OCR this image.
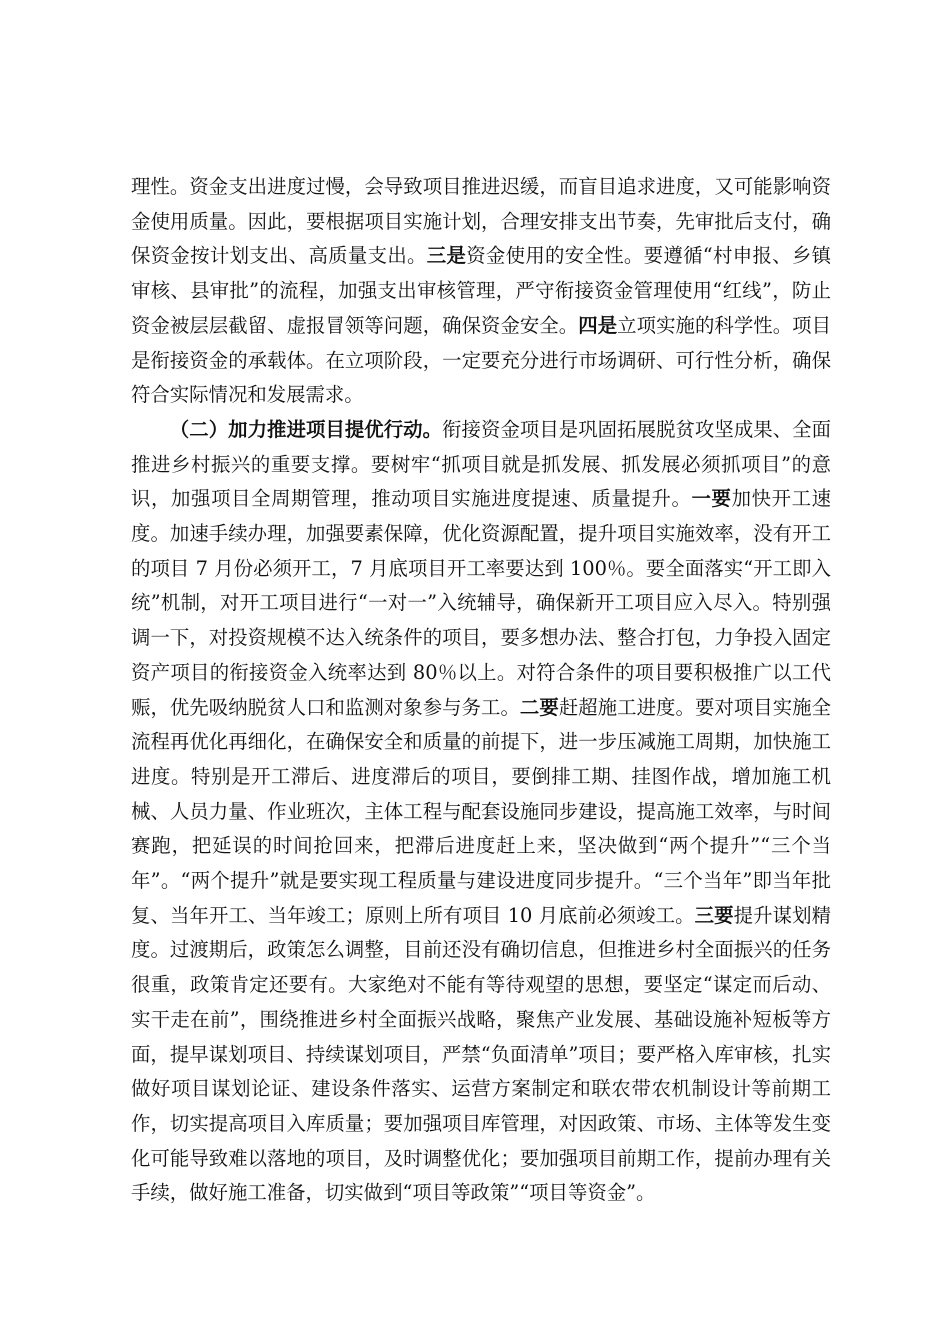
理性。资金支出进度过慢，会导致项目推进迟缓，而盲目追求进度，又可能影响资金使用质量。因此，要根据项目实施计划，合理安排支出节奏，先审批后支付，确保资金按计划支出、高质量支出。三是资金使用的安全性。要遵循“村申报、乡镇审核、县审批”的流程，加强支出审核管理，严守衔接资金管理使用“红线”，防止资金被层层截留、虚报冒领等问题，确保资金安全。四是立项实施的科学性。项目是衔接资金的承载体。在立项阶段，一定要充分进行市场调研、可行性分析，确保符合实际情况和发展需求。

（二）加力推进项目提优行动。衔接资金项目是巩固拓展脱贫攻坚成果、全面推进乡村振兴的重要支撑。要树牢“抓项目就是抓发展、抓发展必须抓项目”的意识，加强项目全周期管理，推动项目实施进度提速、质量提升。一要加快开工速度。加速手续办理，加强要素保障，优化资源配置，提升项目实施效率，没有开工的项目 7 月份必须开工，7 月底项目开工率要达到 100％。要全面落实“开工即入统”机制，对开工项目进行“一对一”入统辅导，确保新开工项目应入尽入。特别强调一下，对投资规模不达入统条件的项目，要多想办法、整合打包，力争投入固定资产项目的衔接资金入统率达到 80％以上。对符合条件的项目要积极推广以工代赈，优先吸纳脱贫人口和监测对象参与务工。二要赶超施工进度。要对项目实施全流程再优化再细化，在确保安全和质量的前提下，进一步压减施工周期，加快施工进度。特别是开工滞后、进度滞后的项目，要倒排工期、挂图作战，增加施工机械、人员力量、作业班次，主体工程与配套设施同步建设，提高施工效率，与时间赛跑，把延误的时间抢回来，把滞后进度赶上来，坚决做到“两个提升”“三个当年”。“两个提升”就是要实现工程质量与建设进度同步提升。“三个当年”即当年批复、当年开工、当年竣工；原则上所有项目 10 月底前必须竣工。三要提升谋划精度。过渡期后，政策怎么调整，目前还没有确切信息，但推进乡村全面振兴的任务很重，政策肯定还要有。大家绝对不能有等待观望的思想，要坚定“谋定而后动、实干走在前”，围绕推进乡村全面振兴战略，聚焦产业发展、基础设施补短板等方面，提早谋划项目、持续谋划项目，严禁“负面清单”项目；要严格入库审核，扎实做好项目谋划论证、建设条件落实、运营方案制定和联农带农机制设计等前期工作，切实提高项目入库质量；要加强项目库管理，对因政策、市场、主体等发生变化可能导致难以落地的项目，及时调整优化；要加强项目前期工作，提前办理有关手续，做好施工准备，切实做到“项目等政策”“项目等资金”。
